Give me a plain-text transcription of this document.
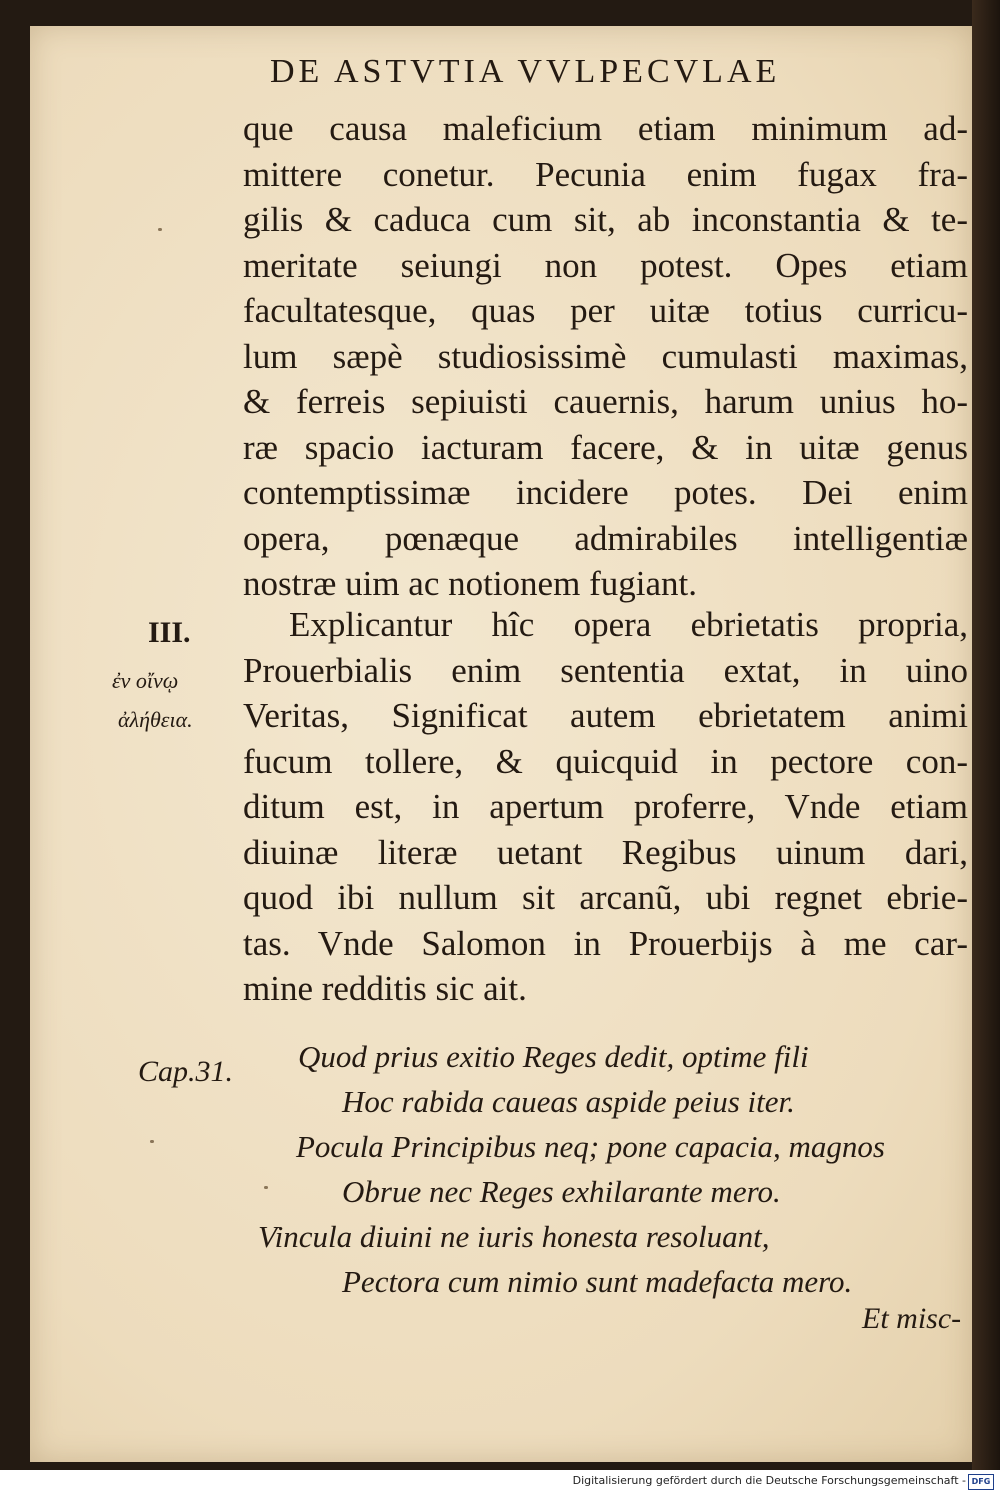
DE ASTVTIA VVLPECVLAE
que causa maleficium etiam minimum ad-
mittere conetur. Pecunia enim fugax fra-
gilis & caduca cum sit, ab inconstantia & te-
meritate seiungi non potest. Opes etiam
facultatesque, quas per uitæ totius curricu-
lum sæpè studiosissimè cumulasti maximas,
& ferreis sepiuisti cauernis, harum unius ho-
ræ spacio iacturam facere, & in uitæ genus
contemptissimæ incidere potes. Dei enim
opera, pœnæque admirabiles intelligentiæ
nostræ uim ac notionem fugiant.
III.
ἐν οἴνῳ
ἀλήθεια.
Explicantur hîc opera ebrietatis propria,
Prouerbialis enim sententia extat, in uino
Veritas, Significat autem ebrietatem animi
fucum tollere, & quicquid in pectore con-
ditum est, in apertum proferre, Vnde etiam
diuinæ literæ uetant Regibus uinum dari,
quod ibi nullum sit arcanũ, ubi regnet ebrie-
tas. Vnde Salomon in Prouerbijs à me car-
mine redditis sic ait.
Cap.31.	Quod prius exitio Reges dedit, optime fili
Hoc rabida caueas aspide peius iter.
Pocula Principibus neq; pone capacia, magnos
Obrue nec Reges exhilarante mero.
Vincula diuini ne iuris honesta resoluant,
Pectora cum nimio sunt madefacta mero.
Et misc-
Digitalisierung gefördert durch die Deutsche Forschungsgemeinschaft - DFG
